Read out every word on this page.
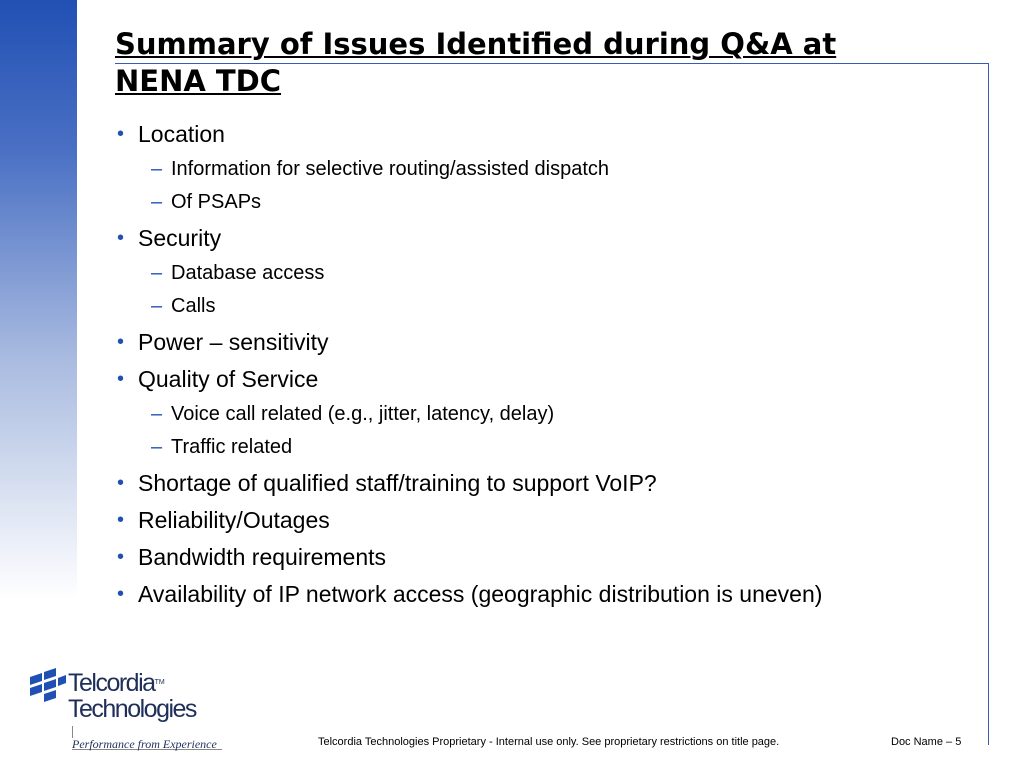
Summary of Issues Identified during Q&A at
NENA TDC
• Location
– Information for selective routing/assisted dispatch
– Of PSAPs
• Security
– Database access
– Calls
• Power – sensitivity
• Quality of Service
– Voice call related (e.g., jitter, latency, delay)
– Traffic related
• Shortage of qualified staff/training to support VoIP?
• Reliability/Outages
• Bandwidth requirements
• Availability of IP network access (geographic distribution is uneven)
Telcordia™
Technologies
Performance from Experience	Telcordia Technologies Proprietary - Internal use only. See proprietary restrictions on title page.	Doc Name – 5
